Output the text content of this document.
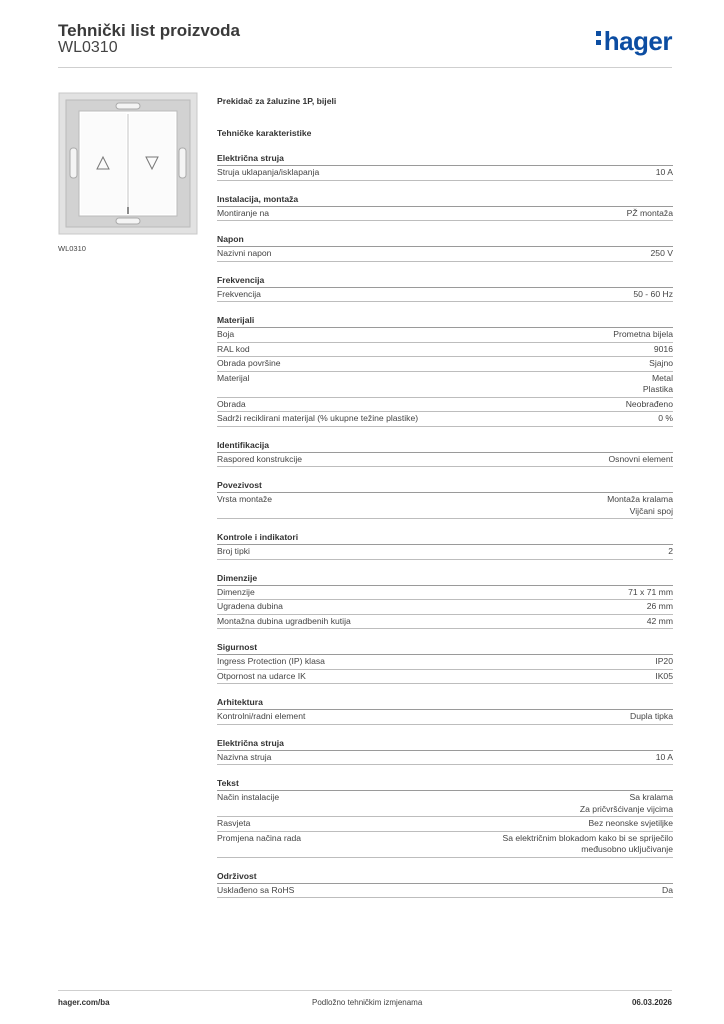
Tehnički list proizvoda
WL0310	hager
WL0310
Prekidač za žaluzine 1P, bijeli
Tehničke karakteristike
Električna struja
Struja uklapanja/isklapanja	10 A
Instalacija, montaža
Montiranje na	PŽ montaža
Napon
Nazivni napon	250 V
Frekvencija
Frekvencija	50 - 60 Hz
Materijali
Boja	Prometna bijela
RAL kod	9016
Obrada površine	Sjajno
Materijal	Metal
Plastika
Obrada	Neobrađeno
Sadrži reciklirani materijal (% ukupne težine plastike)	0 %
Identifikacija
Raspored konstrukcije	Osnovni element
Povezivost
Vrsta montaže	Montaža kralama
Vijčani spoj
Kontrole i indikatori
Broj tipki	2
Dimenzije
Dimenzije	71 x 71 mm
Ugradena dubina	26 mm
Montažna dubina ugradbenih kutija	42 mm
Sigurnost
Ingress Protection (IP) klasa	IP20
Otpornost na udarce IK	IK05
Arhitektura
Kontrolni/radni element	Dupla tipka
Električna struja
Nazivna struja	10 A
Tekst
Način instalacije	Sa kralama
Za pričvršćivanje vijcima
Rasvjeta	Bez neonske svjetiljke
Promjena načina rada	Sa električnim blokadom kako bi se spriječilo
međusobno uključivanje
Održivost
Usklađeno sa RoHS	Da
hager.com/ba	Podložno tehničkim izmjenama	06.03.2026
